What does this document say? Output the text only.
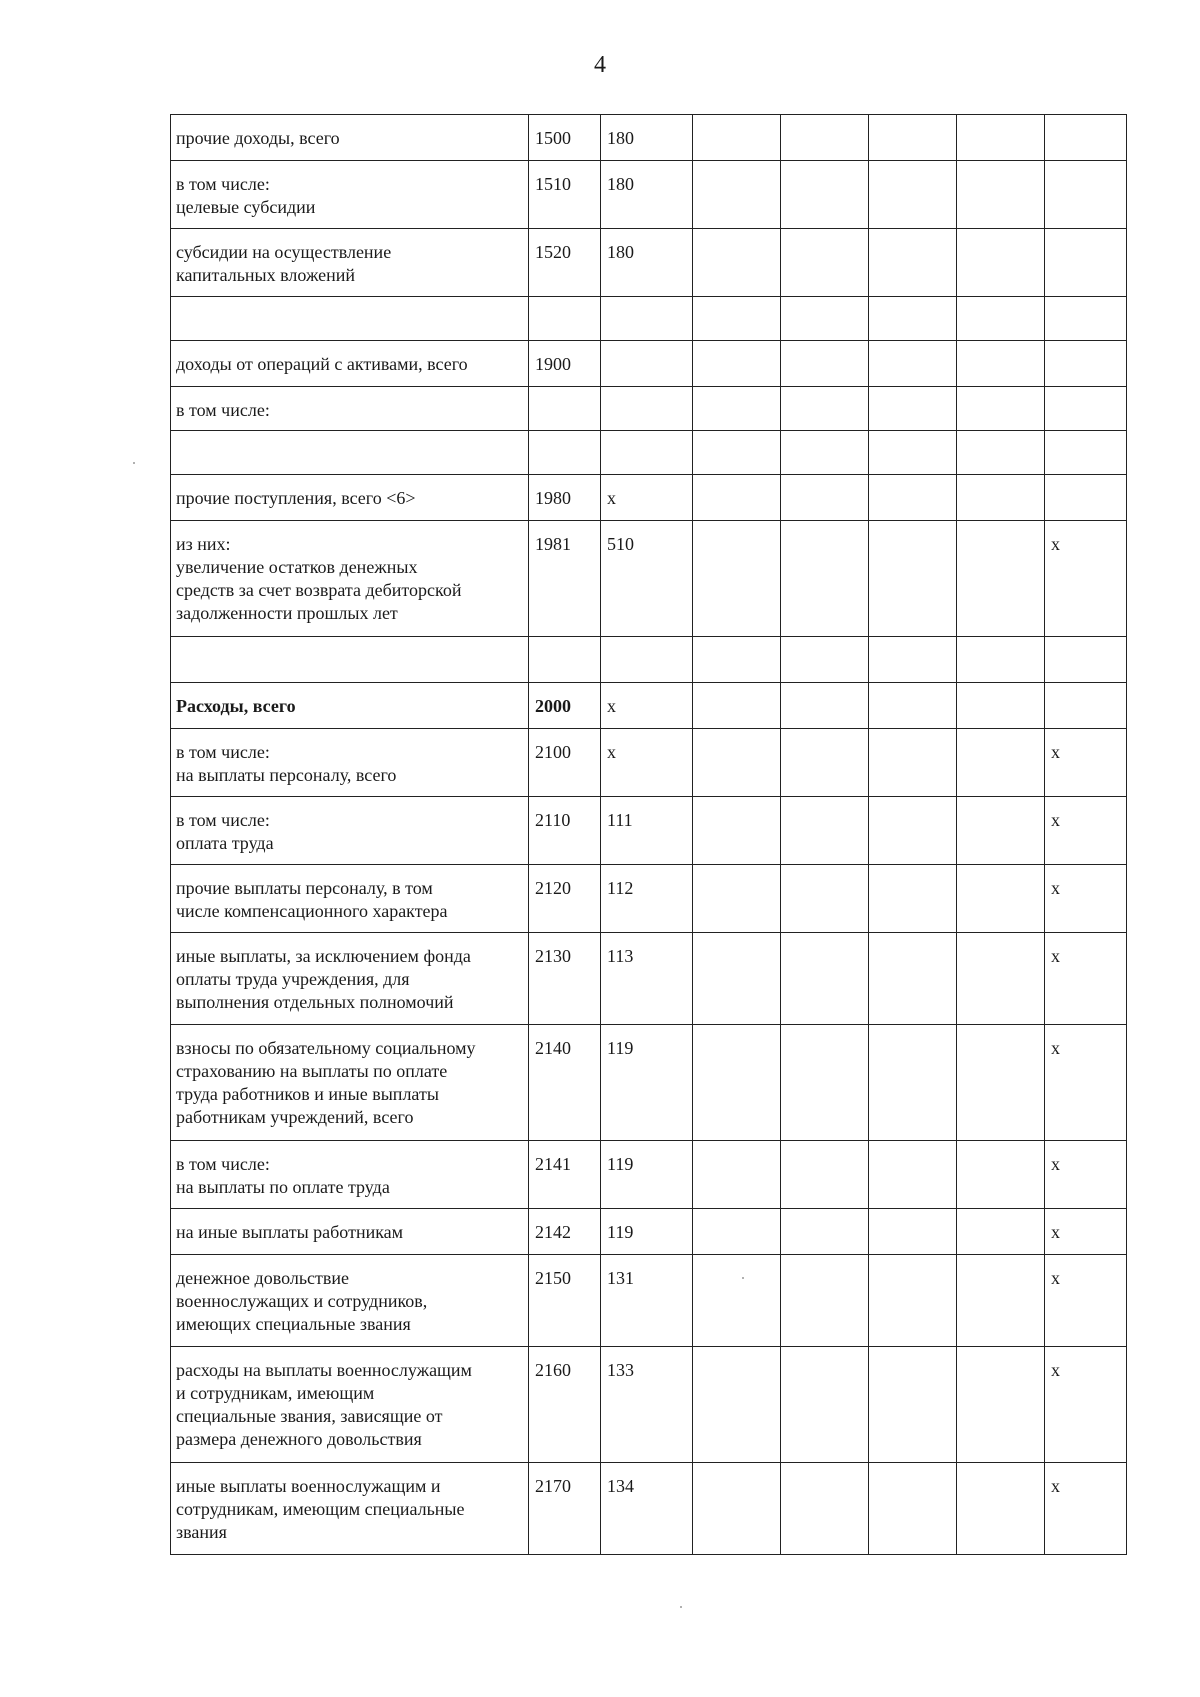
4
прочие доходы, всего	1500	180					
в том числе:
целевые субсидии	1510	180					
субсидии на осуществление
капитальных вложений	1520	180					

доходы от операций с активами, всего	1900						
в том числе:							

прочие поступления, всего <6>	1980	x					
из них:
увеличение остатков денежных
средств за счет возврата дебиторской
задолженности прошлых лет	1981	510					x

Расходы, всего	2000	x					
в том числе:
на выплаты персоналу, всего	2100	x					x
в том числе:
оплата труда	2110	111					x
прочие выплаты персоналу, в том
числе компенсационного характера	2120	112					x
иные выплаты, за исключением фонда
оплаты труда учреждения, для
выполнения отдельных полномочий	2130	113					x
взносы по обязательному социальному
страхованию на выплаты по оплате
труда работников и иные выплаты
работникам учреждений, всего	2140	119					x
в том числе:
на выплаты по оплате труда	2141	119					x
на иные выплаты работникам	2142	119					x
денежное довольствие
военнослужащих и сотрудников,
имеющих специальные звания	2150	131					x
расходы на выплаты военнослужащим
и сотрудникам, имеющим
специальные звания, зависящие от
размера денежного довольствия	2160	133					x
иные выплаты военнослужащим и
сотрудникам, имеющим специальные
звания	2170	134					x
